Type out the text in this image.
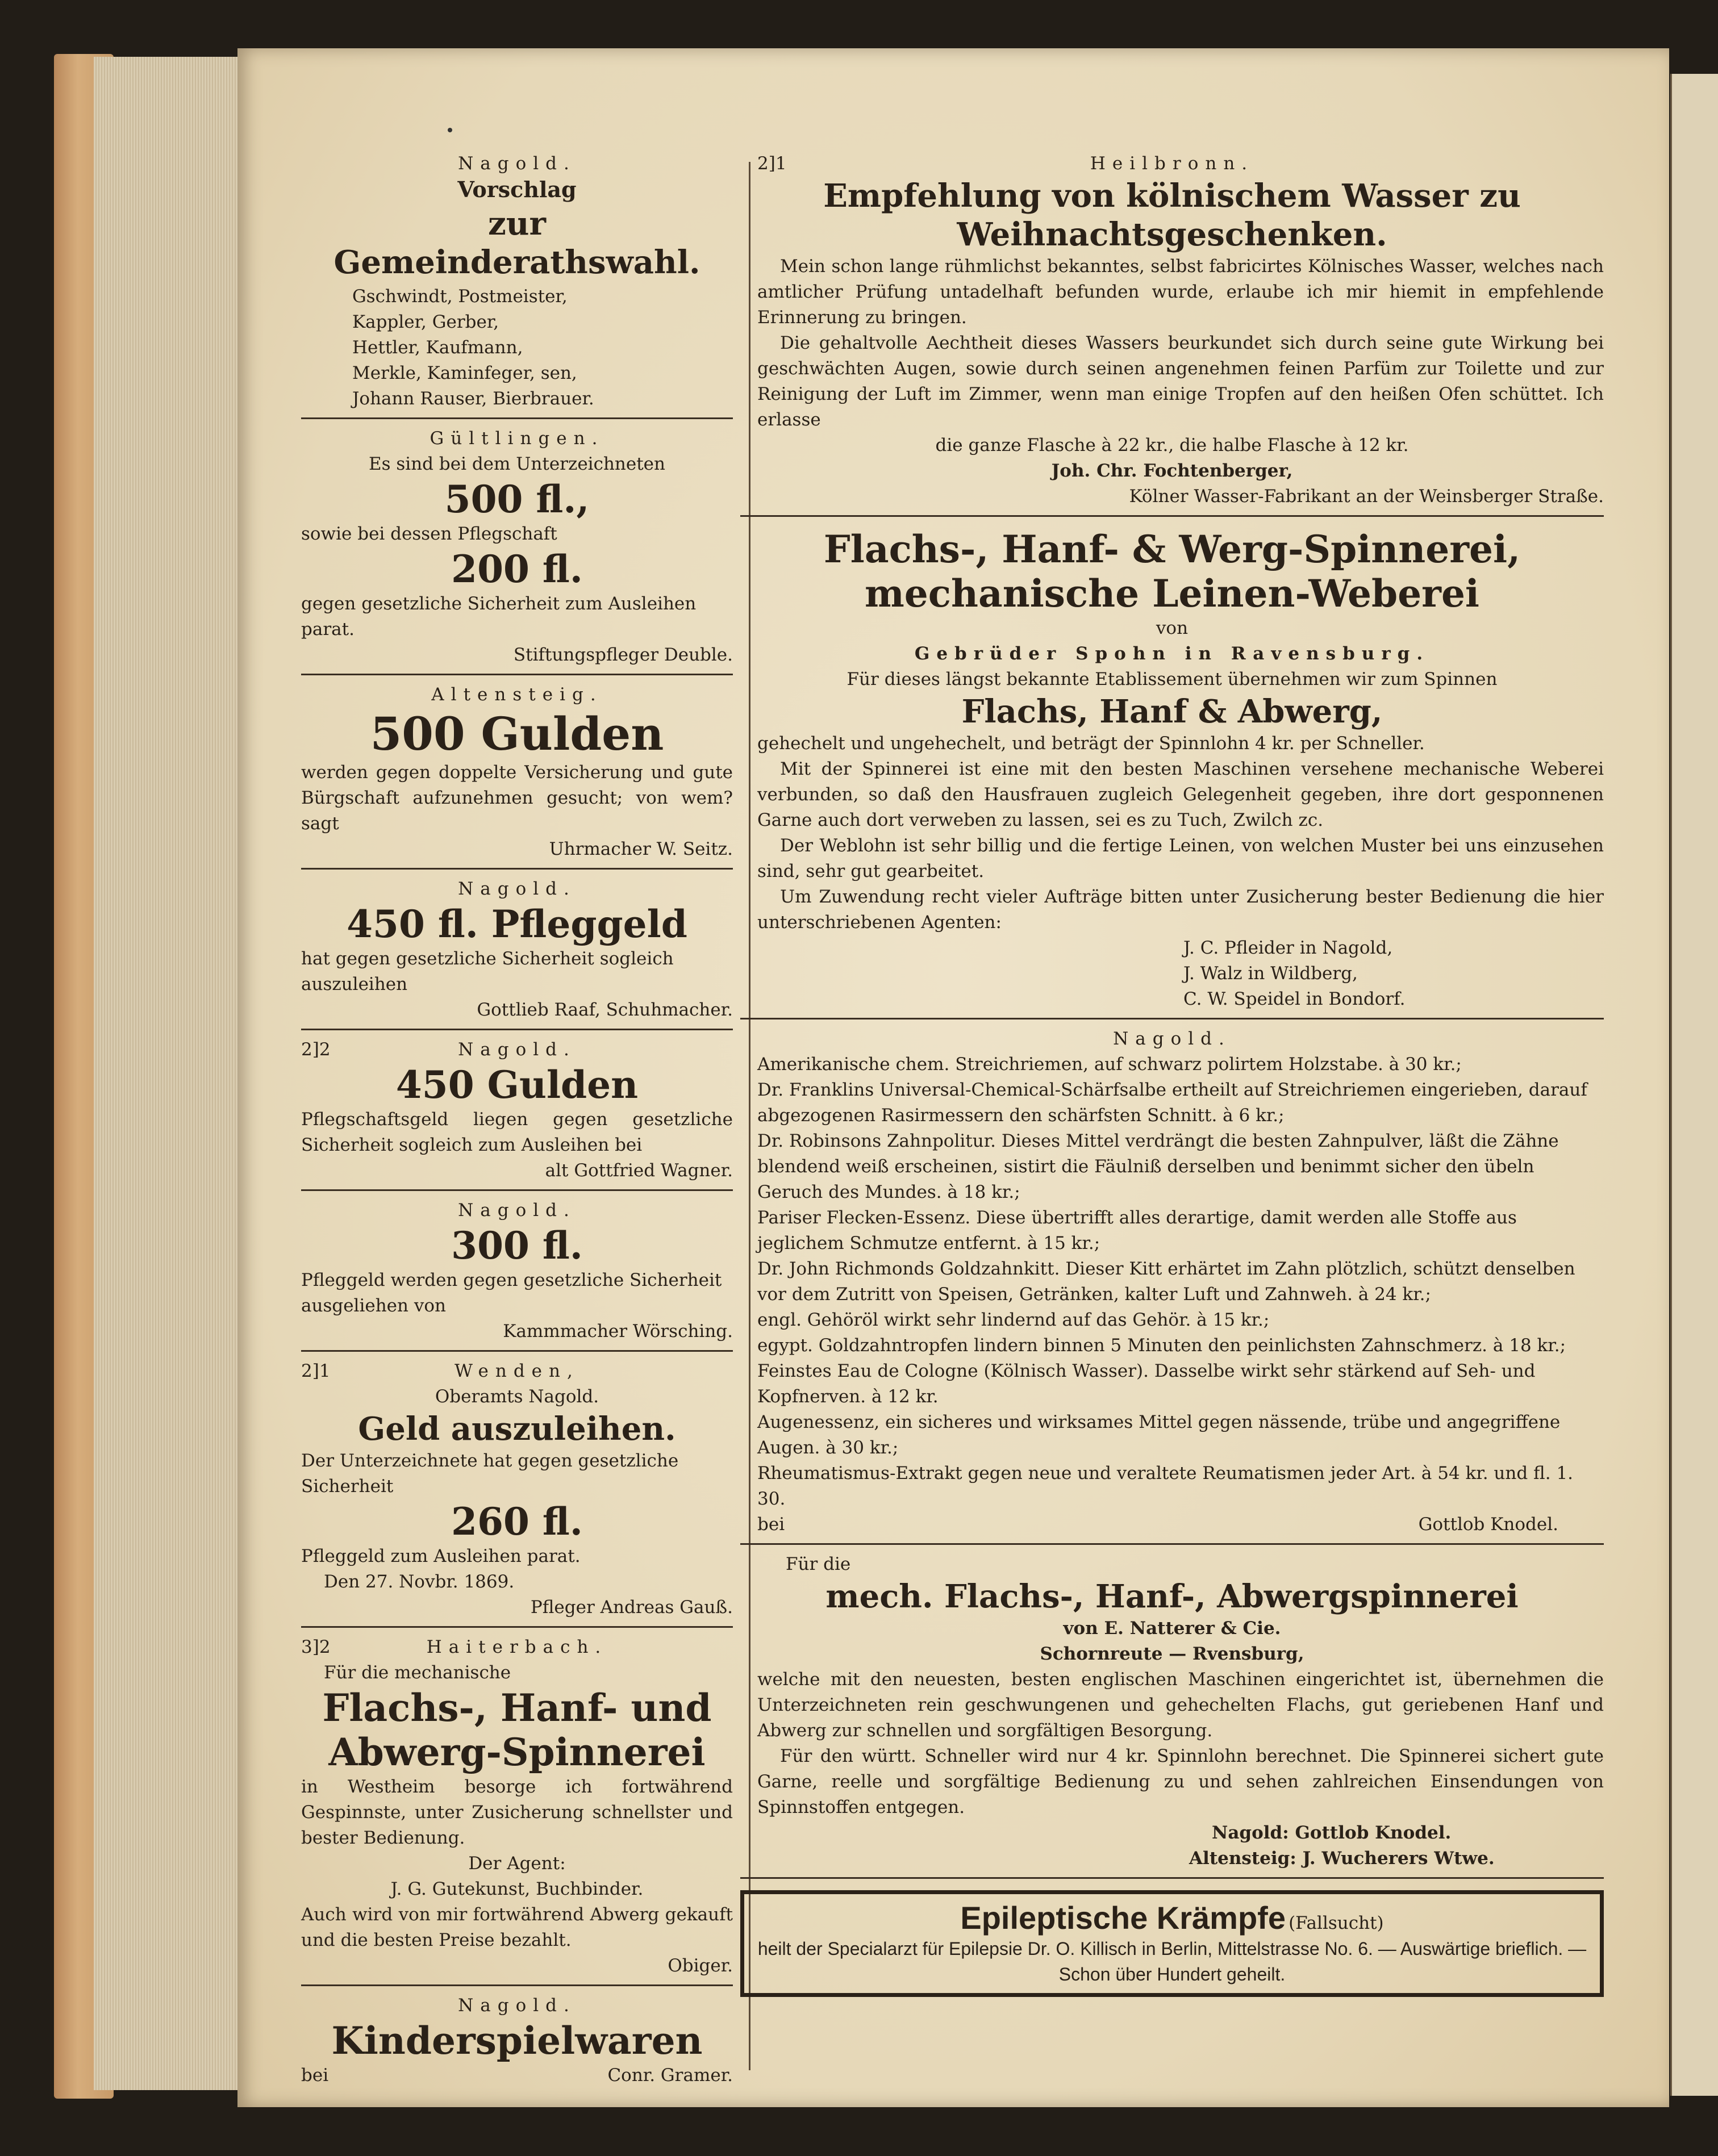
Nagold.

Vorschlag

zur Gemeinderathswahl.

Gschwindt, Postmeister,

Kappler, Gerber,

Hettler, Kaufmann,

Merkle, Kaminfeger, sen,

Johann Rauser, Bierbrauer.

Gültlingen.

Es sind bei dem Unterzeichneten

500 fl.,

sowie bei dessen Pflegschaft

200 fl.

gegen gesetzliche Sicherheit zum Ausleihen parat.

Stiftungspfleger Deuble.

Altensteig.

500 Gulden

werden gegen doppelte Versicherung und gute Bürgschaft aufzunehmen gesucht; von wem? sagt

Uhrmacher W. Seitz.

Nagold.

450 fl. Pfleggeld

hat gegen gesetzliche Sicherheit sogleich auszuleihen

Gottlieb Raaf, Schuhmacher.

2]2	Nagold.

450 Gulden

Pflegschaftsgeld liegen gegen gesetzliche Sicherheit sogleich zum Ausleihen bei

alt Gottfried Wagner.

Nagold.

300 fl.

Pfleggeld werden gegen gesetzliche Sicherheit ausgeliehen von

Kammmacher Wörsching.

2]1	Wenden,

Oberamts Nagold.

Geld auszuleihen.

Der Unterzeichnete hat gegen gesetzliche Sicherheit

260 fl.

Pfleggeld zum Ausleihen parat.

Den 27. Novbr. 1869.

Pfleger Andreas Gauß.

3]2	Haiterbach.

Für die mechanische

Flachs-, Hanf- und Abwerg-Spinnerei

in Westheim besorge ich fortwährend Gespinnste, unter Zusicherung schnellster und bester Bedienung.

Der Agent:

J. G. Gutekunst, Buchbinder.

Auch wird von mir fortwährend Abwerg gekauft und die besten Preise bezahlt.

Obiger.

Nagold.

Kinderspielwaren

bei	Conr. Gramer.

2]1	Heilbronn.

Empfehlung von kölnischem Wasser zu Weihnachtsgeschenken.

Mein schon lange rühmlichst bekanntes, selbst fabricirtes Kölnisches Wasser, welches nach amtlicher Prüfung untadelhaft befunden wurde, erlaube ich mir hiemit in empfehlende Erinnerung zu bringen.

Die gehaltvolle Aechtheit dieses Wassers beurkundet sich durch seine gute Wirkung bei geschwächten Augen, sowie durch seinen angenehmen feinen Parfüm zur Toilette und zur Reinigung der Luft im Zimmer, wenn man einige Tropfen auf den heißen Ofen schüttet. Ich erlasse

die ganze Flasche à 22 kr., die halbe Flasche à 12 kr.

Joh. Chr. Fochtenberger,

Kölner Wasser-Fabrikant an der Weinsberger Straße.

Flachs-, Hanf- & Werg-Spinnerei,

mechanische Leinen-Weberei

von

Gebrüder Spohn in Ravensburg.

Für dieses längst bekannte Etablissement übernehmen wir zum Spinnen

Flachs, Hanf & Abwerg,

gehechelt und ungehechelt, und beträgt der Spinnlohn 4 kr. per Schneller.

Mit der Spinnerei ist eine mit den besten Maschinen versehene mechanische Weberei verbunden, so daß den Hausfrauen zugleich Gelegenheit gegeben, ihre dort gesponnenen Garne auch dort verweben zu lassen, sei es zu Tuch, Zwilch zc.

Der Weblohn ist sehr billig und die fertige Leinen, von welchen Muster bei uns einzusehen sind, sehr gut gearbeitet.

Um Zuwendung recht vieler Aufträge bitten unter Zusicherung bester Bedienung die hier unterschriebenen Agenten:

J. C. Pfleider in Nagold,

J. Walz in Wildberg,

C. W. Speidel in Bondorf.

Nagold.

Amerikanische chem. Streichriemen, auf schwarz polirtem Holzstabe. à 30 kr.;

Dr. Franklins Universal-Chemical-Schärfsalbe ertheilt auf Streichriemen eingerieben, darauf abgezogenen Rasirmessern den schärfsten Schnitt. à 6 kr.;

Dr. Robinsons Zahnpolitur. Dieses Mittel verdrängt die besten Zahnpulver, läßt die Zähne blendend weiß erscheinen, sistirt die Fäulniß derselben und benimmt sicher den übeln Geruch des Mundes. à 18 kr.;

Pariser Flecken-Essenz. Diese übertrifft alles derartige, damit werden alle Stoffe aus jeglichem Schmutze entfernt. à 15 kr.;

Dr. John Richmonds Goldzahnkitt. Dieser Kitt erhärtet im Zahn plötzlich, schützt denselben vor dem Zutritt von Speisen, Getränken, kalter Luft und Zahnweh. à 24 kr.;

engl. Gehöröl wirkt sehr lindernd auf das Gehör. à 15 kr.;

egypt. Goldzahntropfen lindern binnen 5 Minuten den peinlichsten Zahnschmerz. à 18 kr.;

Feinstes Eau de Cologne (Kölnisch Wasser). Dasselbe wirkt sehr stärkend auf Seh- und Kopfnerven. à 12 kr.

Augenessenz, ein sicheres und wirksames Mittel gegen nässende, trübe und angegriffene Augen. à 30 kr.;

Rheumatismus-Extrakt gegen neue und veraltete Reumatismen jeder Art. à 54 kr. und fl. 1. 30.

bei	Gottlob Knodel.

Für die

mech. Flachs-, Hanf-, Abwergspinnerei

von E. Natterer & Cie.

Schornreute — Rvensburg,

welche mit den neuesten, besten englischen Maschinen eingerichtet ist, übernehmen die Unterzeichneten rein geschwungenen und gehechelten Flachs, gut geriebenen Hanf und Abwerg zur schnellen und sorgfältigen Besorgung.

Für den württ. Schneller wird nur 4 kr. Spinnlohn berechnet. Die Spinnerei sichert gute Garne, reelle und sorgfältige Bedienung zu und sehen zahlreichen Einsendungen von Spinnstoffen entgegen.

Nagold: Gottlob Knodel.

Altensteig: J. Wucherers Wtwe.

Epileptische Krämpfe (Fallsucht)

heilt der Specialarzt für Epilepsie Dr. O. Killisch in Berlin, Mittelstrasse No. 6. — Auswärtige brieflich. — Schon über Hundert geheilt.
